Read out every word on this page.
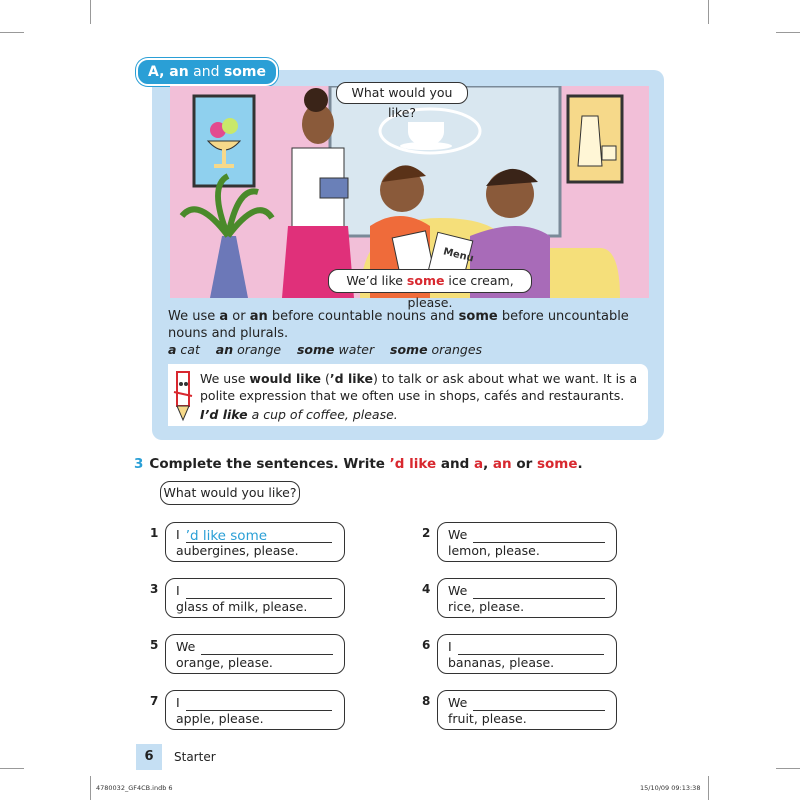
A, an and some
Menu
What would you like?
We’d like some ice cream, please.
We use a or an before countable nouns and some before uncountable nouns and plurals.
a cat an orange some water some oranges
We use would like (’d like) to talk or ask about what we want. It is a polite expression that we often use in shops, cafés and restaurants.
I’d like a cup of coffee, please.
3 Complete the sentences. Write ’d like and a, an or some.
What would you like?
1 I ’d like some
aubergines, please.
2 We
lemon, please.
3 I
glass of milk, please.
4 We
rice, please.
5 We
orange, please.
6 I
bananas, please.
7 I
apple, please.
8 We
fruit, please.
6	Starter
4780032_GF4CB.indb 6	15/10/09 09:13:38
